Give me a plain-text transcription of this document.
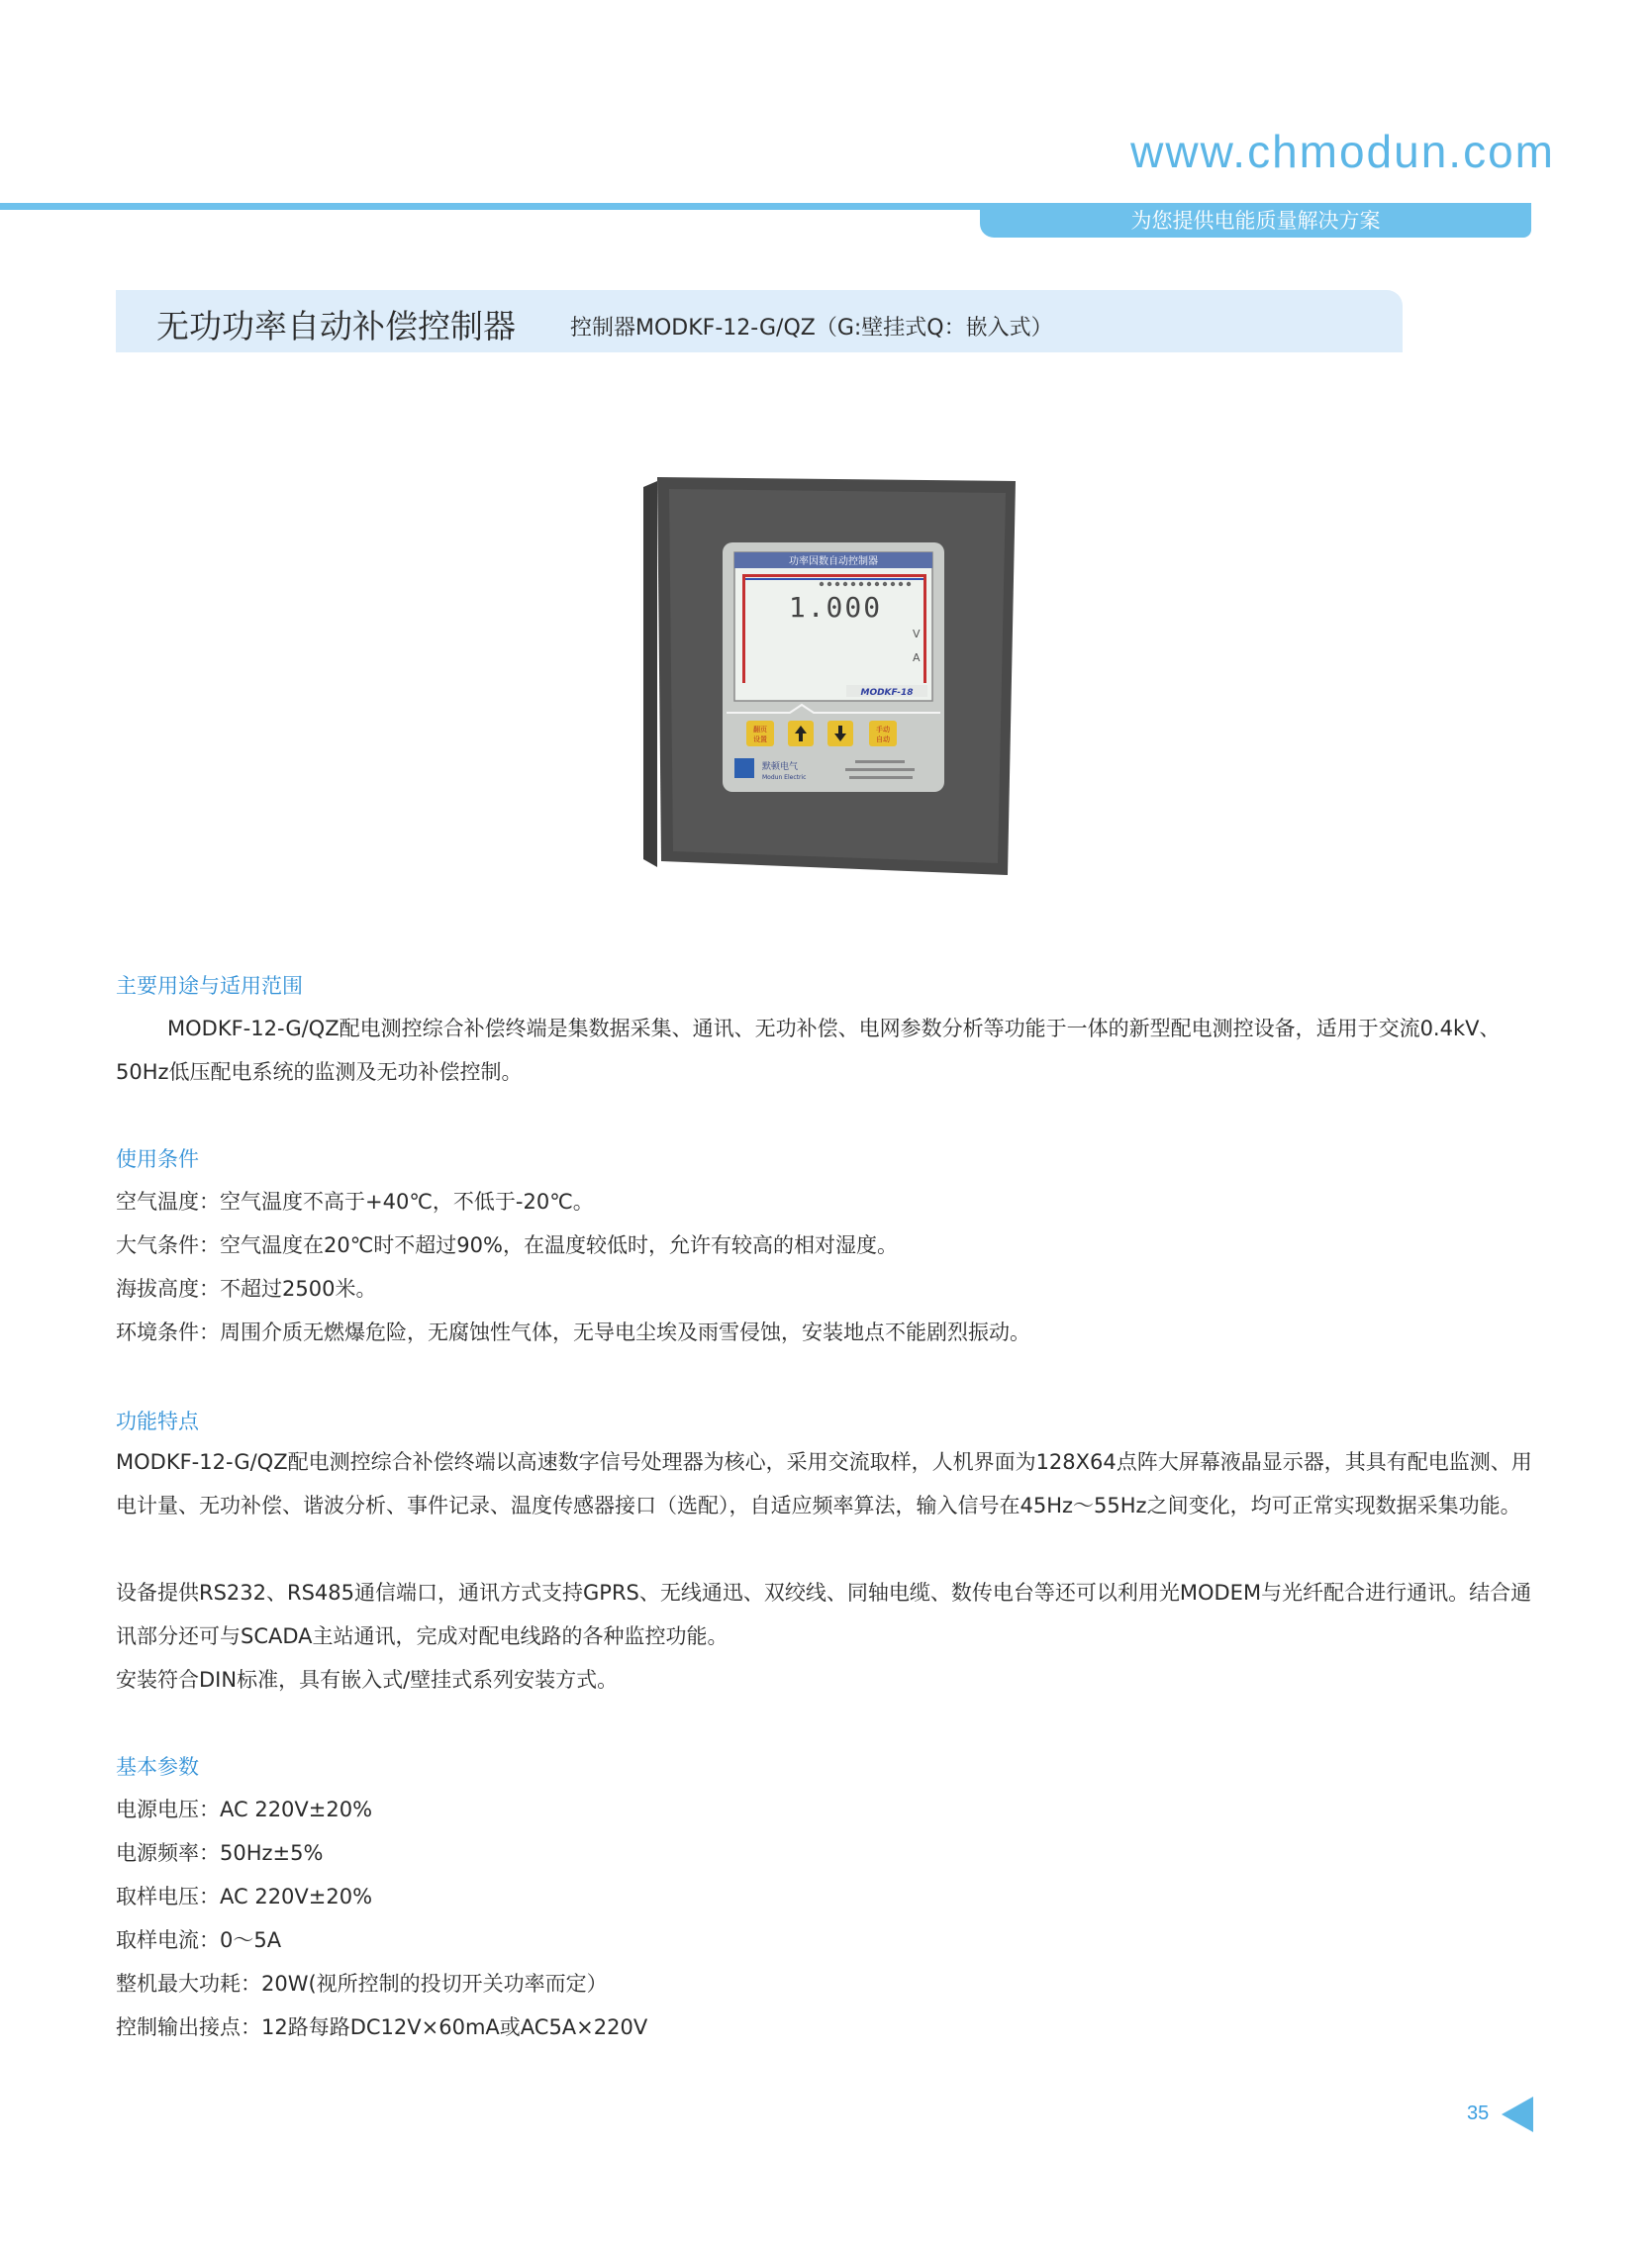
www.chmodun.com
为您提供电能质量解决方案
无功功率自动补偿控制器	控制器MODKF-12-G/QZ（G:壁挂式Q：嵌入式）
功率因数自动控制器
1.000
V
A
MODKF-18
翻页
设置
手动
自动
默顿电气
Modun Electric
主要用途与适用范围
MODKF-12-G/QZ配电测控综合补偿终端是集数据采集、通讯、无功补偿、电网参数分析等功能于一体的新型配电测控设备，适用于交流0.4kV、50Hz低压配电系统的监测及无功补偿控制。
使用条件
空气温度：空气温度不高于+40℃，不低于-20℃。
大气条件：空气温度在20℃时不超过90%，在温度较低时，允许有较高的相对湿度。
海拔高度：不超过2500米。
环境条件：周围介质无燃爆危险，无腐蚀性气体，无导电尘埃及雨雪侵蚀，安装地点不能剧烈振动。
功能特点
MODKF-12-G/QZ配电测控综合补偿终端以高速数字信号处理器为核心，采用交流取样，人机界面为128X64点阵大屏幕液晶显示器，其具有配电监测、用电计量、无功补偿、谐波分析、事件记录、温度传感器接口（选配），自适应频率算法，输入信号在45Hz～55Hz之间变化，均可正常实现数据采集功能。
设备提供RS232、RS485通信端口，通讯方式支持GPRS、无线通迅、双绞线、同轴电缆、数传电台等还可以利用光MODEM与光纤配合进行通讯。结合通讯部分还可与SCADA主站通讯，完成对配电线路的各种监控功能。
安装符合DIN标准，具有嵌入式/壁挂式系列安装方式。
基本参数
电源电压：AC 220V±20%
电源频率：50Hz±5%
取样电压：AC 220V±20%
取样电流：0～5A
整机最大功耗：20W(视所控制的投切开关功率而定）
控制输出接点：12路每路DC12V×60mA或AC5A×220V
35
